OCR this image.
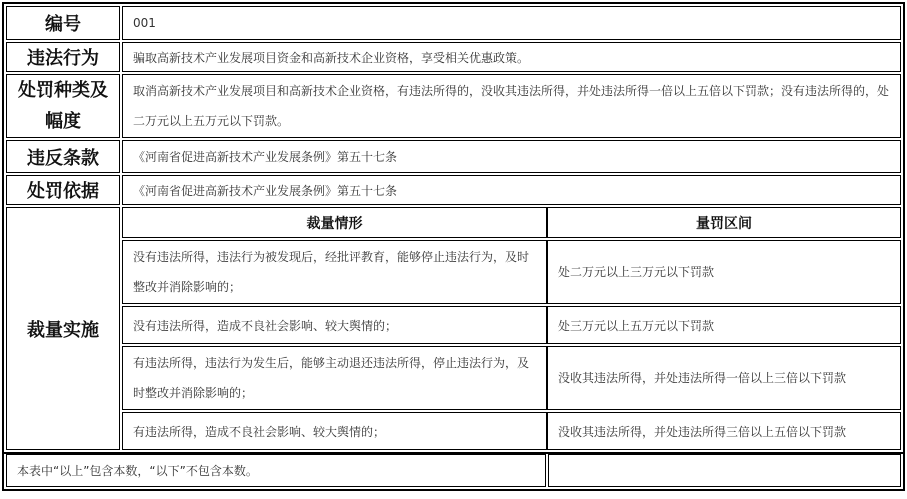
编号	001
违法行为	骗取高新技术产业发展项目资金和高新技术企业资格，享受相关优惠政策。
处罚种类及幅度	取消高新技术产业发展项目和高新技术企业资格，有违法所得的，没收其违法所得，并处违法所得一倍以上五倍以下罚款；没有违法所得的，处二万元以上五万元以下罚款。
违反条款	《河南省促进高新技术产业发展条例》第五十七条
处罚依据	《河南省促进高新技术产业发展条例》第五十七条
裁量实施	
裁量情形	量罚区间
没有违法所得，违法行为被发现后，经批评教育，能够停止违法行为，及时整改并消除影响的；	处二万元以上三万元以下罚款
没有违法所得，造成不良社会影响、较大舆情的；	处三万元以上五万元以下罚款
有违法所得，违法行为发生后，能够主动退还违法所得，停止违法行为，及时整改并消除影响的；	没收其违法所得，并处违法所得一倍以上三倍以下罚款
有违法所得，造成不良社会影响、较大舆情的；	没收其违法所得，并处违法所得三倍以上五倍以下罚款
本表中“以上”包含本数，“以下”不包含本数。	
